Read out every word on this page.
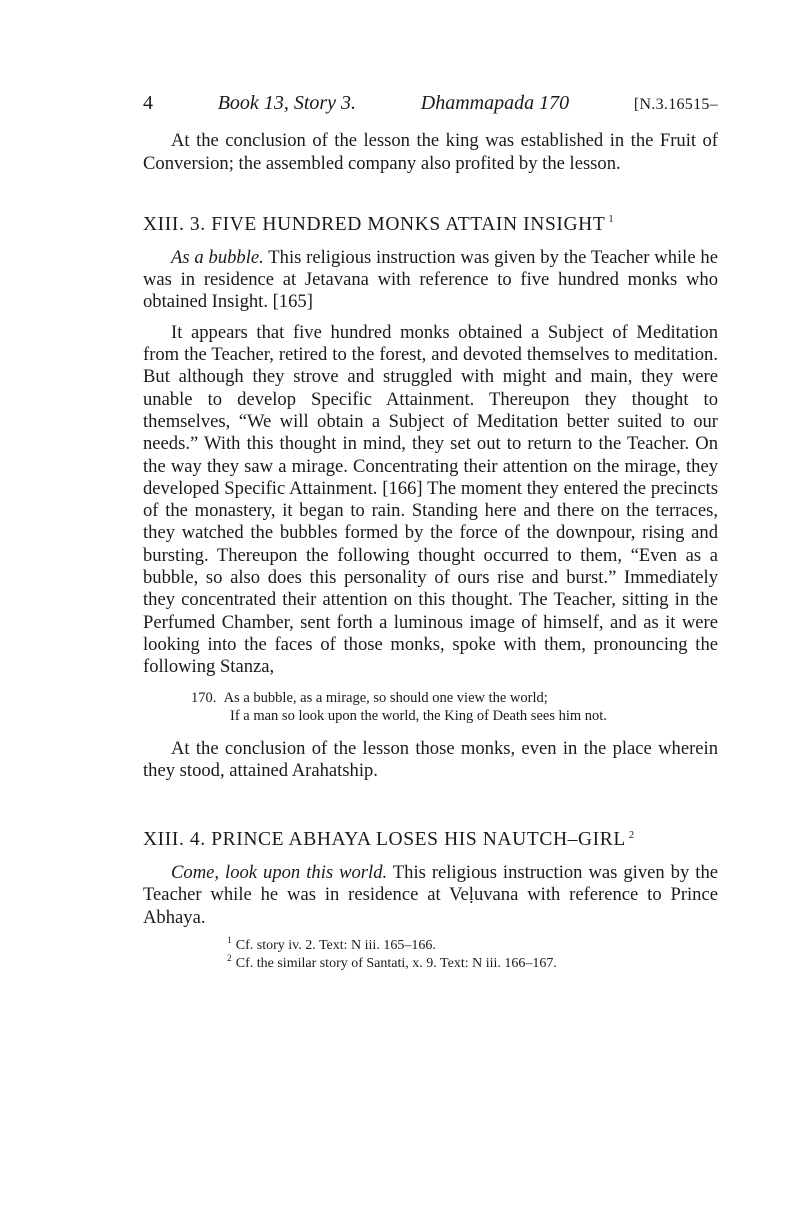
4	Book 13, Story 3.	Dhammapada 170	[N.3.16515–

At the conclusion of the lesson the king was established in the Fruit of Conversion; the assembled company also profited by the lesson.

XIII. 3. FIVE HUNDRED MONKS ATTAIN INSIGHT $^1$

As a bubble. This religious instruction was given by the Teacher while he was in residence at Jetavana with reference to five hundred monks who obtained Insight. [165]

It appears that five hundred monks obtained a Subject of Meditation from the Teacher, retired to the forest, and devoted themselves to meditation. But although they strove and struggled with might and main, they were unable to develop Specific Attainment. Thereupon they thought to themselves, “We will obtain a Subject of Meditation better suited to our needs.” With this thought in mind, they set out to return to the Teacher. On the way they saw a mirage. Concentrating their attention on the mirage, they developed Specific Attainment. [166] The moment they entered the precincts of the monastery, it began to rain. Standing here and there on the terraces, they watched the bubbles formed by the force of the downpour, rising and bursting. Thereupon the following thought occurred to them, “Even as a bubble, so also does this personality of ours rise and burst.” Immediately they concentrated their attention on this thought. The Teacher, sitting in the Perfumed Chamber, sent forth a luminous image of himself, and as it were looking into the faces of those monks, spoke with them, pronouncing the following Stanza,

170. As a bubble, as a mirage, so should one view the world;
If a man so look upon the world, the King of Death sees him not.

At the conclusion of the lesson those monks, even in the place wherein they stood, attained Arahatship.

XIII. 4. PRINCE ABHAYA LOSES HIS NAUTCH–GIRL $^2$

Come, look upon this world. This religious instruction was given by the Teacher while he was in residence at Veḷuvana with reference to Prince Abhaya.

$^1$ Cf. story iv. 2. Text: N iii. 165–166.
$^2$ Cf. the similar story of Santati, x. 9. Text: N iii. 166–167.
